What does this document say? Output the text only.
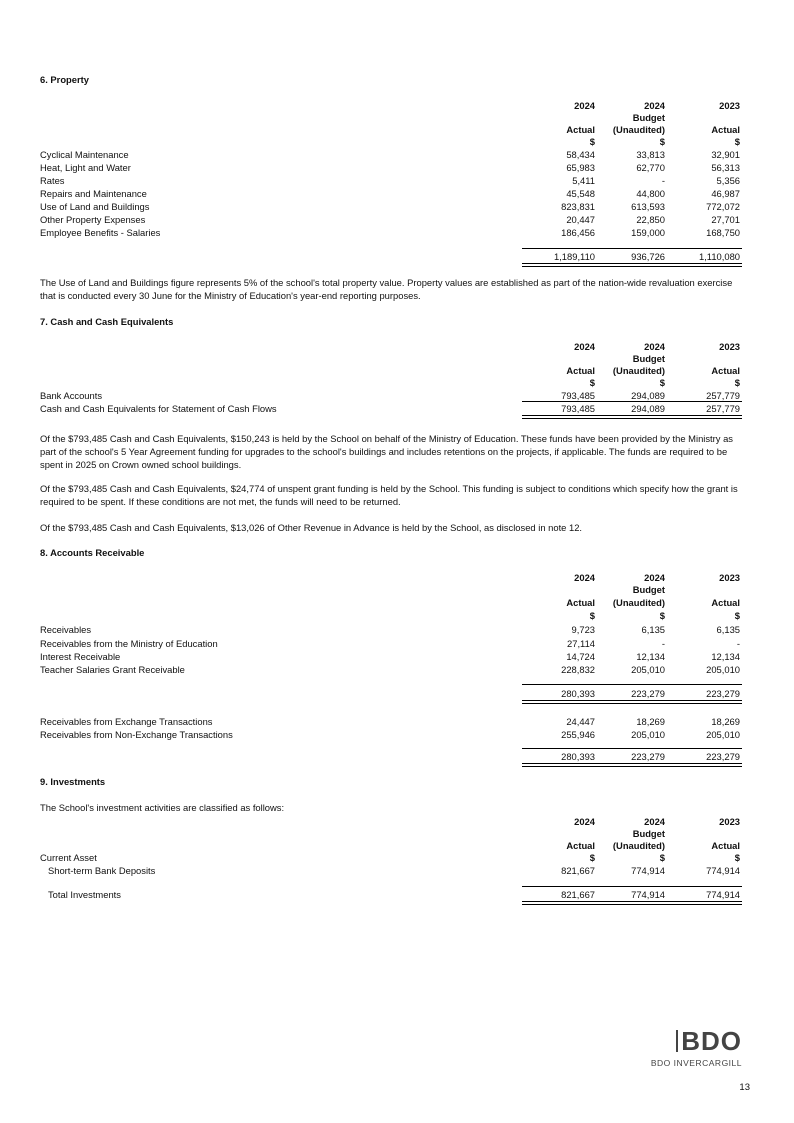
6. Property
2024	2024	2023
Budget
Actual	(Unaudited)	Actual
$	$	$
Cyclical Maintenance	58,434	33,813	32,901
Heat, Light and Water	65,983	62,770	56,313
Rates	5,411	-	5,356
Repairs and Maintenance	45,548	44,800	46,987
Use of Land and Buildings	823,831	613,593	772,072
Other Property Expenses	20,447	22,850	27,701
Employee Benefits - Salaries	186,456	159,000	168,750
1,189,110	936,726	1,110,080
The Use of Land and Buildings figure represents 5% of the school's total property value. Property values are established as part of the nation-wide revaluation exercise that is conducted every 30 June for the Ministry of Education's year-end reporting purposes.
7. Cash and Cash Equivalents
2024	2024	2023
Budget
Actual	(Unaudited)	Actual
$	$	$
Bank Accounts	793,485	294,089	257,779
Cash and Cash Equivalents for Statement of Cash Flows	793,485	294,089	257,779
Of the $793,485 Cash and Cash Equivalents, $150,243 is held by the School on behalf of the Ministry of Education. These funds have been provided by the Ministry as part of the school's 5 Year Agreement funding for upgrades to the school's buildings and includes retentions on the projects, if applicable. The funds are required to be spent in 2025 on Crown owned school buildings.
Of the $793,485 Cash and Cash Equivalents, $24,774 of unspent grant funding is held by the School. This funding is subject to conditions which specify how the grant is required to be spent. If these conditions are not met, the funds will need to be returned.
Of the $793,485 Cash and Cash Equivalents, $13,026 of Other Revenue in Advance is held by the School, as disclosed in note 12.
8. Accounts Receivable
2024	2024	2023
Budget
Actual	(Unaudited)	Actual
$	$	$
Receivables	9,723	6,135	6,135
Receivables from the Ministry of Education	27,114	-	-
Interest Receivable	14,724	12,134	12,134
Teacher Salaries Grant Receivable	228,832	205,010	205,010
280,393	223,279	223,279
Receivables from Exchange Transactions	24,447	18,269	18,269
Receivables from Non-Exchange Transactions	255,946	205,010	205,010
280,393	223,279	223,279
9. Investments
The School's investment activities are classified as follows:
2024	2024	2023
Budget
Actual	(Unaudited)	Actual
$	$	$
Current Asset
Short-term Bank Deposits	821,667	774,914	774,914
Total Investments	821,667	774,914	774,914
BDO
BDO INVERCARGILL
13
